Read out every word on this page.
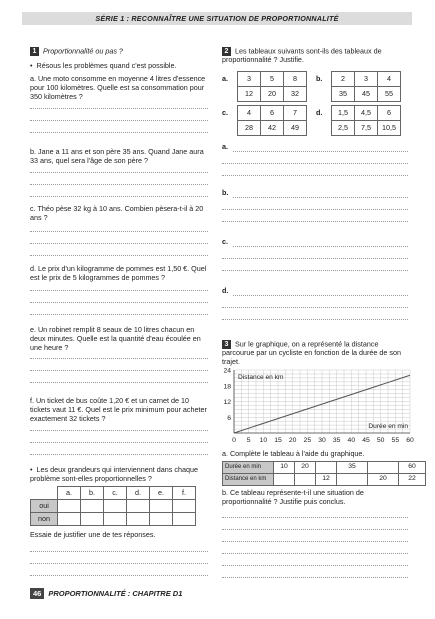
SÉRIE 1 : RECONNAÎTRE UNE SITUATION DE PROPORTIONNALITÉ
1 Proportionnalité ou pas ?
•  Résous les problèmes quand c'est possible.
a. Une moto consomme en moyenne 4 litres d'essence pour 100 kilomètres. Quelle est sa consommation pour 350 kilomètres ?
b. Jane a 11 ans et son père 35 ans. Quand Jane aura 33 ans, quel sera l'âge de son père ?
c. Théo pèse 32 kg à 10 ans. Combien pèsera-t-il à 20 ans ?
d. Le prix d'un kilogramme de pommes est 1,50 €. Quel est le prix de 5 kilogrammes de pommes ?
e. Un robinet remplit 8 seaux de 10 litres chacun en deux minutes. Quelle est la quantité d'eau écoulée en une heure ?
f. Un ticket de bus coûte 1,20 € et un carnet de 10 tickets vaut 11 €. Quel est le prix minimum pour acheter exactement 32 tickets ?
•  Les deux grandeurs qui interviennent dans chaque problème sont-elles proportionnelles ?
	a.	b.	c.	d.	e.	f.
oui						
non						
Essaie de justifier une de tes réponses.
2 Les tableaux suivants sont-ils des tableaux de proportionnalité ? Justifie.
a.	3	5	8
12	20	32
b.	2	3	4
35	45	55
c.	4	6	7
28	42	49
d. 1,5	4,5	6
2,5	7,5	10,5
a.
b.
c.
d.
3 Sur le graphique, on a représenté la distance parcourue par un cycliste en fonction de la durée de son trajet.
0 5 10 15 20 25 30 35 40 45 50 55 60
6
12
18
24
Distance en km
Durée en min
a. Complète le tableau à l'aide du graphique.
Durée en min	10	20		35		60
Distance en km			12		20	22
b. Ce tableau représente-t-il une situation de proportionnalité ? Justifie puis conclus.
46 PROPORTIONNALITÉ : CHAPITRE D1
